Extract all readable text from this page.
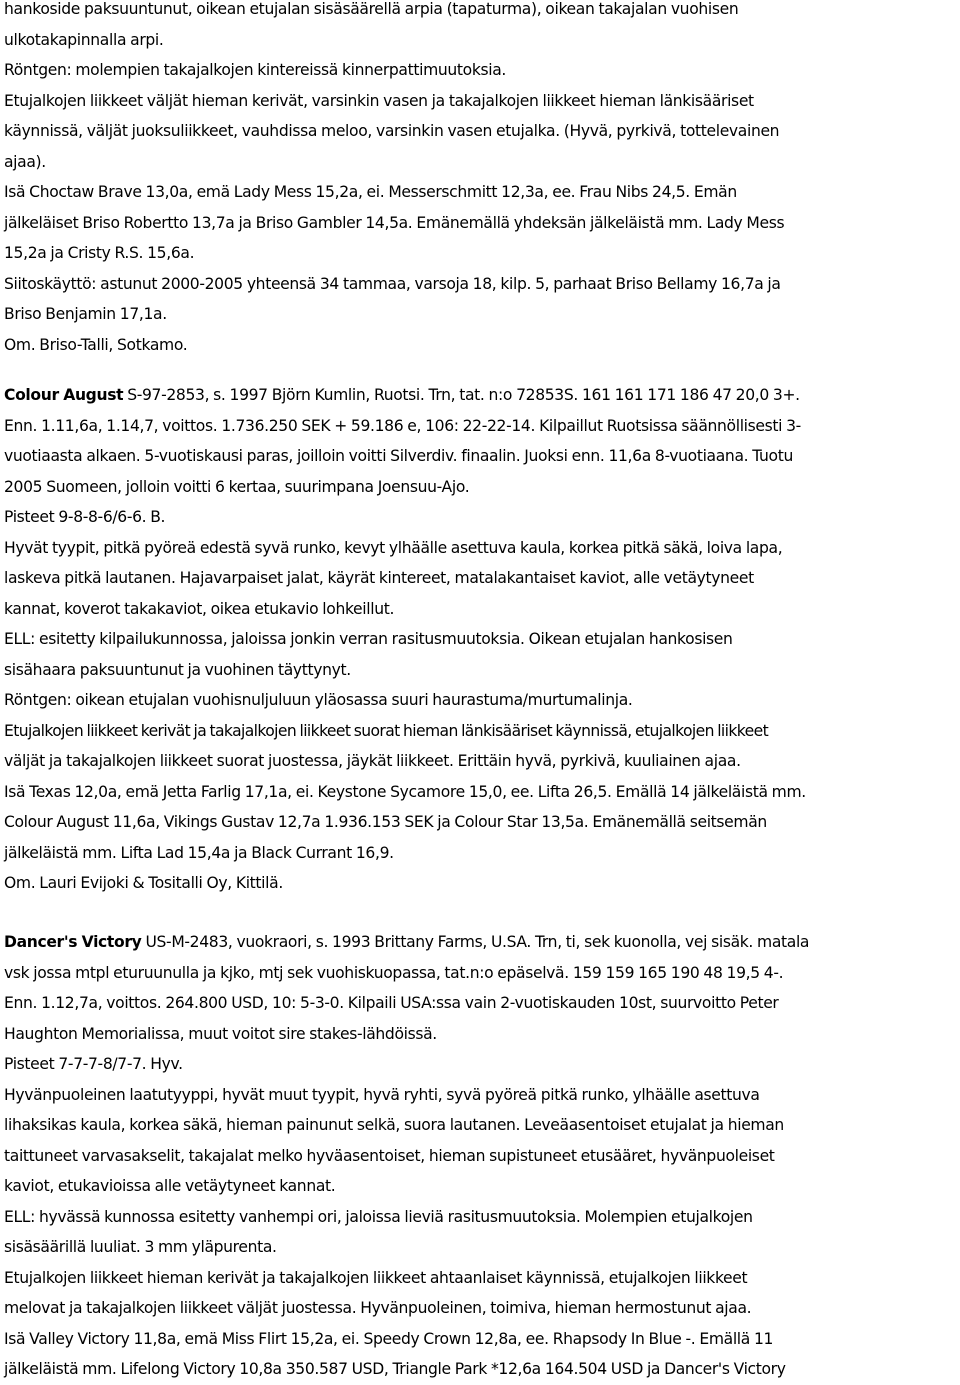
hankoside paksuuntunut, oikean etujalan sisäsäärellä arpia (tapaturma), oikean takajalan vuohisen
ulkotakapinnalla arpi.
Röntgen: molempien takajalkojen kintereissä kinnerpattimuutoksia.
Etujalkojen liikkeet väljät hieman kerivät, varsinkin vasen ja takajalkojen liikkeet hieman länkisääriset
käynnissä, väljät juoksuliikkeet, vauhdissa meloo, varsinkin vasen etujalka. (Hyvä, pyrkivä, tottelevainen
ajaa).
Isä Choctaw Brave 13,0a, emä Lady Mess 15,2a, ei. Messerschmitt 12,3a, ee. Frau Nibs 24,5. Emän
jälkeläiset Briso Robertto 13,7a ja Briso Gambler 14,5a. Emänemällä yhdeksän jälkeläistä mm. Lady Mess
15,2a ja Cristy R.S. 15,6a.
Siitoskäyttö: astunut 2000-2005 yhteensä 34 tammaa, varsoja 18, kilp. 5, parhaat Briso Bellamy 16,7a ja
Briso Benjamin 17,1a.
Om. Briso-Talli, Sotkamo.
Colour August S-97-2853, s. 1997 Björn Kumlin, Ruotsi. Trn, tat. n:o 72853S. 161 161 171 186 47 20,0 3+.
Enn. 1.11,6a, 1.14,7, voittos. 1.736.250 SEK + 59.186 e, 106: 22-22-14. Kilpaillut Ruotsissa säännöllisesti 3-
vuotiaasta alkaen. 5-vuotiskausi paras, joilloin voitti Silverdiv. finaalin. Juoksi enn. 11,6a 8-vuotiaana. Tuotu
2005 Suomeen, jolloin voitti 6 kertaa, suurimpana Joensuu-Ajo.
Pisteet 9-8-8-6/6-6. B.
Hyvät tyypit, pitkä pyöreä edestä syvä runko, kevyt ylhäälle asettuva kaula, korkea pitkä säkä, loiva lapa,
laskeva pitkä lautanen. Hajavarpaiset jalat, käyrät kintereet, matalakantaiset kaviot, alle vetäytyneet
kannat, koverot takakaviot, oikea etukavio lohkeillut.
ELL: esitetty kilpailukunnossa, jaloissa jonkin verran rasitusmuutoksia. Oikean etujalan hankosisen
sisähaara paksuuntunut ja vuohinen täyttynyt.
Röntgen: oikean etujalan vuohisnuljuluun yläosassa suuri haurastuma/murtumalinja.
Etujalkojen liikkeet kerivät ja takajalkojen liikkeet suorat hieman länkisääriset käynnissä, etujalkojen liikkeet
väljät ja takajalkojen liikkeet suorat juostessa, jäykät liikkeet. Erittäin hyvä, pyrkivä, kuuliainen ajaa.
Isä Texas 12,0a, emä Jetta Farlig 17,1a, ei. Keystone Sycamore 15,0, ee. Lifta 26,5. Emällä 14 jälkeläistä mm.
Colour August 11,6a, Vikings Gustav 12,7a 1.936.153 SEK ja Colour Star 13,5a. Emänemällä seitsemän
jälkeläistä mm. Lifta Lad 15,4a ja Black Currant 16,9.
Om. Lauri Evijoki & Tositalli Oy, Kittilä.
Dancer's Victory US-M-2483, vuokraori, s. 1993 Brittany Farms, U.SA. Trn, ti, sek kuonolla, vej sisäk. matala
vsk jossa mtpl eturuunulla ja kjko, mtj sek vuohiskuopassa, tat.n:o epäselvä. 159 159 165 190 48 19,5 4-.
Enn. 1.12,7a, voittos. 264.800 USD, 10: 5-3-0. Kilpaili USA:ssa vain 2-vuotiskauden 10st, suurvoitto Peter
Haughton Memorialissa, muut voitot sire stakes-lähdöissä.
Pisteet 7-7-7-8/7-7. Hyv.
Hyvänpuoleinen laatutyyppi, hyvät muut tyypit, hyvä ryhti, syvä pyöreä pitkä runko, ylhäälle asettuva
lihaksikas kaula, korkea säkä, hieman painunut selkä, suora lautanen. Leveäasentoiset etujalat ja hieman
taittuneet varvasakselit, takajalat melko hyväasentoiset, hieman supistuneet etusääret, hyvänpuoleiset
kaviot, etukavioissa alle vetäytyneet kannat.
ELL: hyvässä kunnossa esitetty vanhempi ori, jaloissa lieviä rasitusmuutoksia. Molempien etujalkojen
sisäsäärillä luuliat. 3 mm yläpurenta.
Etujalkojen liikkeet hieman kerivät ja takajalkojen liikkeet ahtaanlaiset käynnissä, etujalkojen liikkeet
melovat ja takajalkojen liikkeet väljät juostessa. Hyvänpuoleinen, toimiva, hieman hermostunut ajaa.
Isä Valley Victory 11,8a, emä Miss Flirt 15,2a, ei. Speedy Crown 12,8a, ee. Rhapsody In Blue -. Emällä 11
jälkeläistä mm. Lifelong Victory 10,8a 350.587 USD, Triangle Park *12,6a 164.504 USD ja Dancer's Victory
